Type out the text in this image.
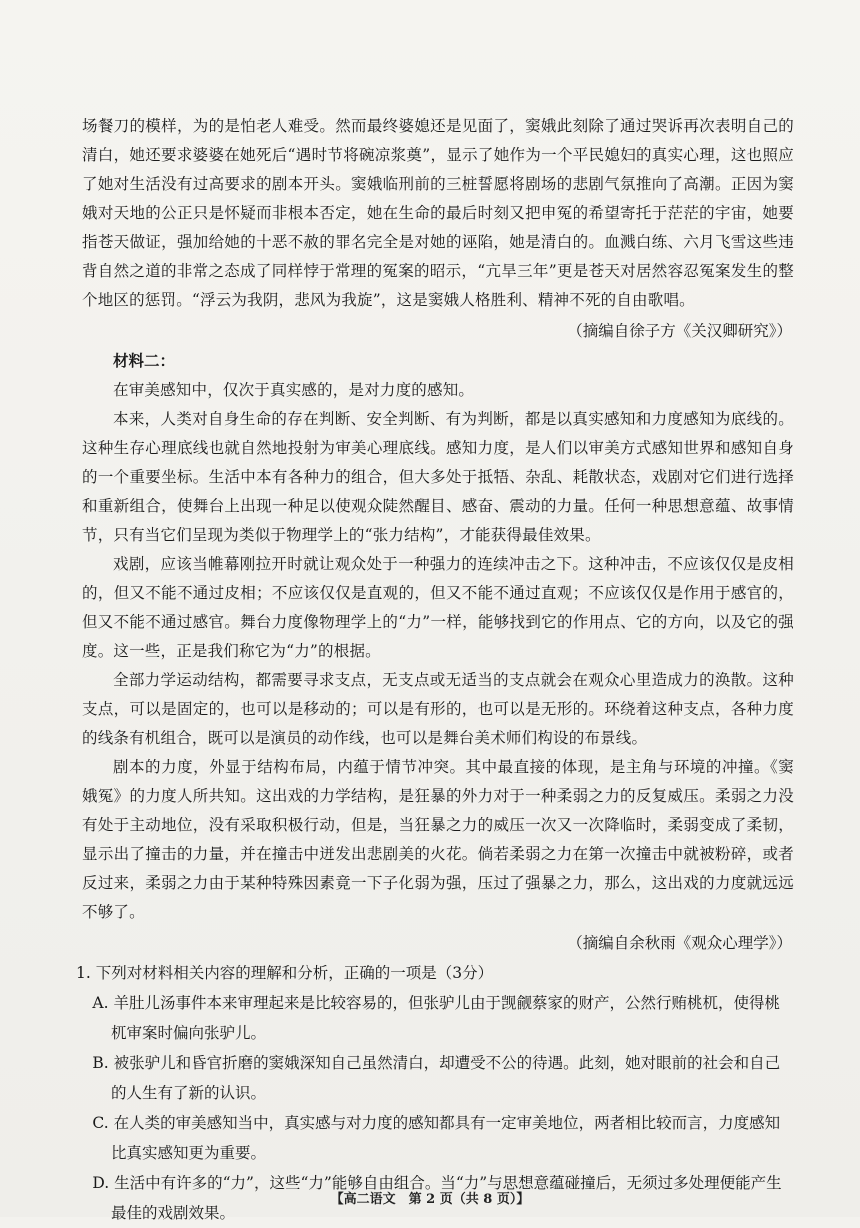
场餐刀的模样，为的是怕老人难受。然而最终婆媳还是见面了，窦娥此刻除了通过哭诉再次表明自己的清白，她还要求婆婆在她死后“遇时节将碗凉浆奠”，显示了她作为一个平民媳妇的真实心理，这也照应了她对生活没有过高要求的剧本开头。窦娥临刑前的三桩誓愿将剧场的悲剧气氛推向了高潮。正因为窦娥对天地的公正只是怀疑而非根本否定，她在生命的最后时刻又把申冤的希望寄托于茫茫的宇宙，她要指苍天做证，强加给她的十恶不赦的罪名完全是对她的诬陷，她是清白的。血溅白练、六月飞雪这些违背自然之道的非常之态成了同样悖于常理的冤案的昭示，“亢旱三年”更是苍天对居然容忍冤案发生的整个地区的惩罚。“浮云为我阴，悲风为我旋”，这是窦娥人格胜利、精神不死的自由歌唱。

（摘编自徐子方《关汉卿研究》）
材料二：

在审美感知中，仅次于真实感的，是对力度的感知。

本来，人类对自身生命的存在判断、安全判断、有为判断，都是以真实感知和力度感知为底线的。这种生存心理底线也就自然地投射为审美心理底线。感知力度，是人们以审美方式感知世界和感知自身的一个重要坐标。生活中本有各种力的组合，但大多处于抵牾、杂乱、耗散状态，戏剧对它们进行选择和重新组合，使舞台上出现一种足以使观众陡然醒目、感奋、震动的力量。任何一种思想意蕴、故事情节，只有当它们呈现为类似于物理学上的“张力结构”，才能获得最佳效果。

戏剧，应该当帷幕刚拉开时就让观众处于一种强力的连续冲击之下。这种冲击，不应该仅仅是皮相的，但又不能不通过皮相；不应该仅仅是直观的，但又不能不通过直观；不应该仅仅是作用于感官的，但又不能不通过感官。舞台力度像物理学上的“力”一样，能够找到它的作用点、它的方向，以及它的强度。这一些，正是我们称它为“力”的根据。

全部力学运动结构，都需要寻求支点，无支点或无适当的支点就会在观众心里造成力的涣散。这种支点，可以是固定的，也可以是移动的；可以是有形的，也可以是无形的。环绕着这种支点，各种力度的线条有机组合，既可以是演员的动作线，也可以是舞台美术师们构设的布景线。

剧本的力度，外显于结构布局，内蕴于情节冲突。其中最直接的体现，是主角与环境的冲撞。《窦娥冤》的力度人所共知。这出戏的力学结构，是狂暴的外力对于一种柔弱之力的反复威压。柔弱之力没有处于主动地位，没有采取积极行动，但是，当狂暴之力的威压一次又一次降临时，柔弱变成了柔韧，显示出了撞击的力量，并在撞击中迸发出悲剧美的火花。倘若柔弱之力在第一次撞击中就被粉碎，或者反过来，柔弱之力由于某种特殊因素竟一下子化弱为强，压过了强暴之力，那么，这出戏的力度就远远不够了。

（摘编自余秋雨《观众心理学》）
1. 下列对材料相关内容的理解和分析，正确的一项是（3分）
A. 羊肚儿汤事件本来审理起来是比较容易的，但张驴儿由于觊觎蔡家的财产，公然行贿桃杌，使得桃杌审案时偏向张驴儿。
B. 被张驴儿和昏官折磨的窦娥深知自己虽然清白，却遭受不公的待遇。此刻，她对眼前的社会和自己的人生有了新的认识。
C. 在人类的审美感知当中，真实感与对力度的感知都具有一定审美地位，两者相比较而言，力度感知比真实感知更为重要。
D. 生活中有许多的“力”，这些“力”能够自由组合。当“力”与思想意蕴碰撞后，无须过多处理便能产生最佳的戏剧效果。
【高二语文　第 2 页（共 8 页）】
